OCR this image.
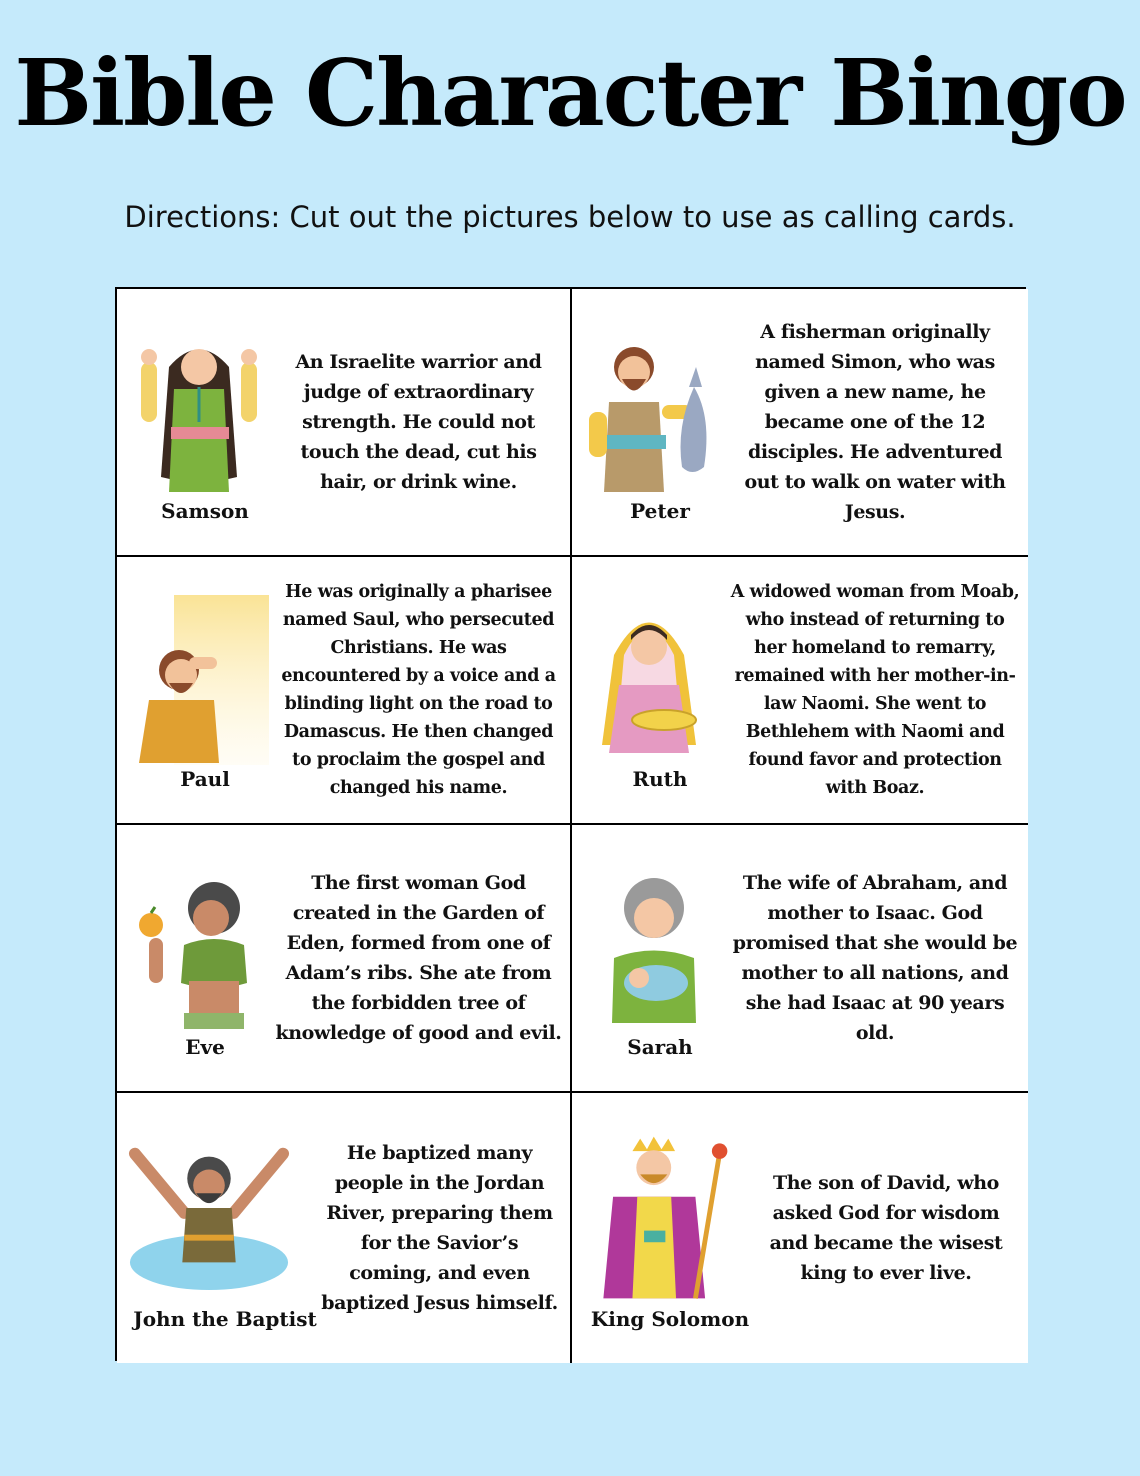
Bible Character Bingo
Directions: Cut out the pictures below to use as calling cards.
Samson
An Israelite warrior and judge of extraordinary strength. He could not touch the dead, cut his hair, or drink wine.
Peter
A fisherman originally named Simon, who was given a new name, he became one of the 12 disciples. He adventured out to walk on water with Jesus.
Paul
He was originally a pharisee named Saul, who persecuted Christians. He was encountered by a voice and a blinding light on the road to Damascus. He then changed to proclaim the gospel and changed his name.	Ruth
A widowed woman from Moab, who instead of returning to her homeland to remarry, remained with her mother-in-law Naomi. She went to Bethlehem with Naomi and found favor and protection with Boaz.
Eve
The first woman God created in the Garden of Eden, formed from one of Adam’s ribs. She ate from the forbidden tree of knowledge of good and evil.
Sarah
The wife of Abraham, and mother to Isaac. God promised that she would be mother to all nations, and she had Isaac at 90 years old.
John the Baptist
He baptized many people in the Jordan River, preparing them for the Savior’s coming, and even baptized Jesus himself.
King Solomon
The son of David, who asked God for wisdom and became the wisest king to ever live.
